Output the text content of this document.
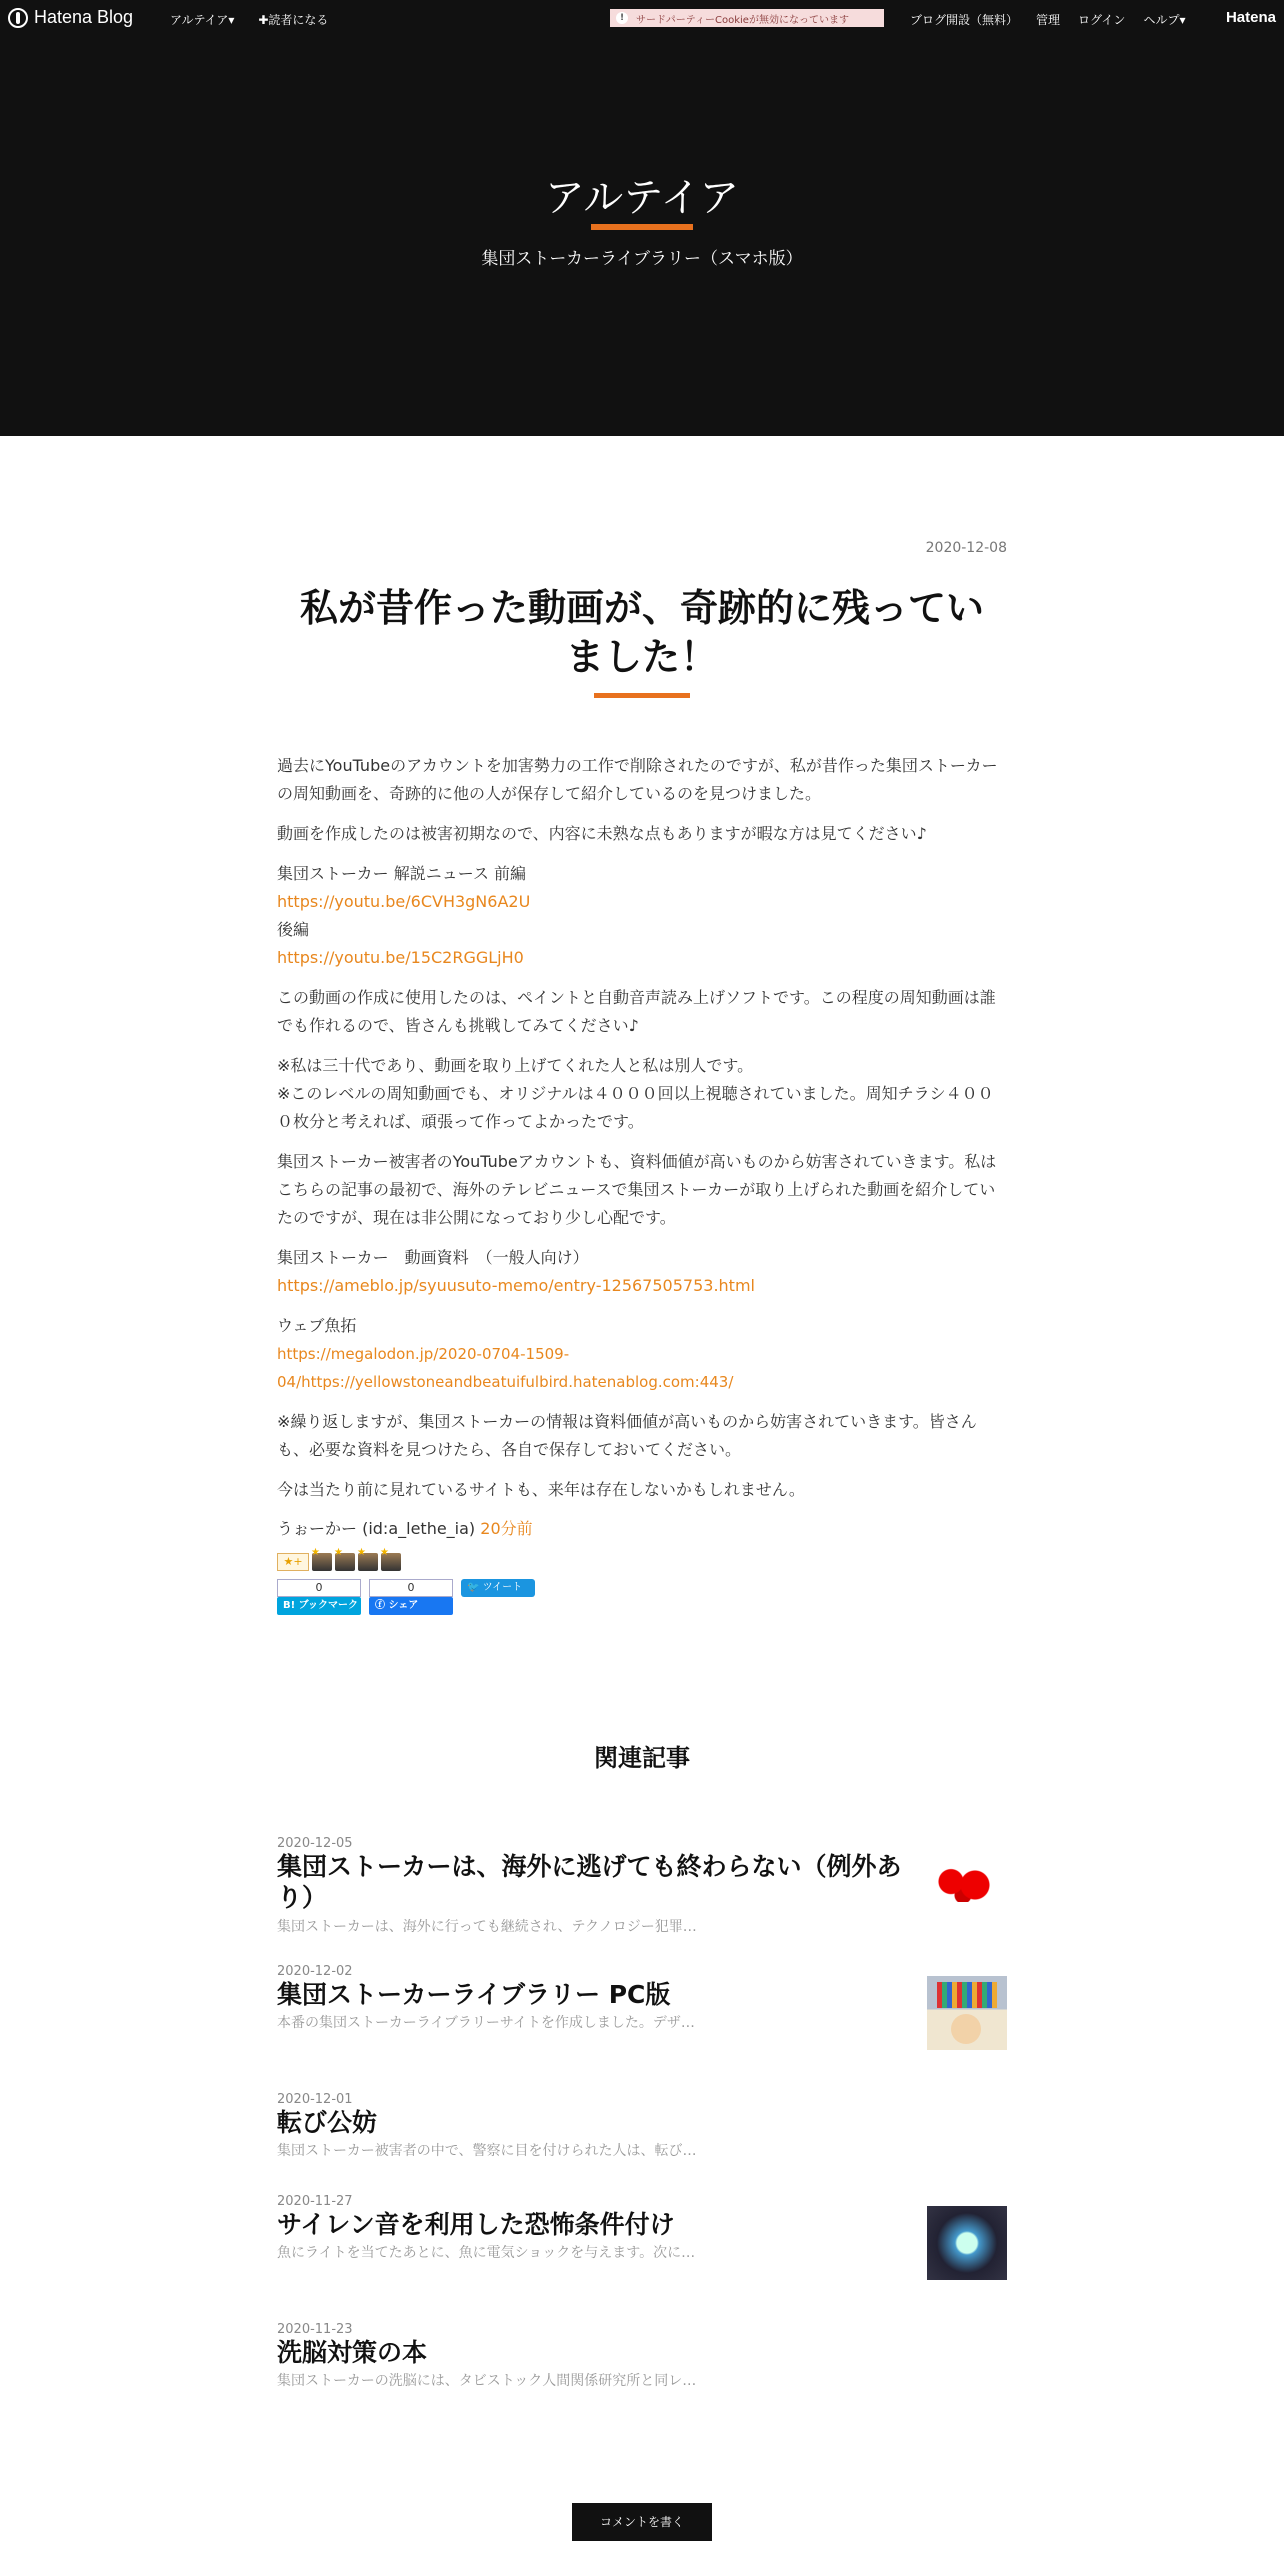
Hatena Blog	アルテイア▾ ✚読者になる	!	サードパーティーCookieが無効になっています	ブログ開設（無料） 管理 ログイン ヘルプ▾	Hatena
アルテイア
集団ストーカーライブラリー（スマホ版）
2020-12-08
私が昔作った動画が、奇跡的に残っていました！

過去にYouTubeのアカウントを加害勢力の工作で削除されたのですが、私が昔作った集団ストーカーの周知動画を、奇跡的に他の人が保存して紹介しているのを見つけました。

動画を作成したのは被害初期なので、内容に未熟な点もありますが暇な方は見てください♪

集団ストーカー 解説ニュース 前編
https://youtu.be/6CVH3gN6A2U
後編
https://youtu.be/15C2RGGLjH0

この動画の作成に使用したのは、ペイントと自動音声読み上げソフトです。この程度の周知動画は誰でも作れるので、皆さんも挑戦してみてください♪

※私は三十代であり、動画を取り上げてくれた人と私は別人です。
※このレベルの周知動画でも、オリジナルは４０００回以上視聴されていました。周知チラシ４０００枚分と考えれば、頑張って作ってよかったです。

集団ストーカー被害者のYouTubeアカウントも、資料価値が高いものから妨害されていきます。私はこちらの記事の最初で、海外のテレビニュースで集団ストーカーが取り上げられた動画を紹介していたのですが、現在は非公開になっており少し心配です。

集団ストーカー　動画資料　（一般人向け）
https://ameblo.jp/syuusuto-memo/entry-12567505753.html

ウェブ魚拓
https://megalodon.jp/2020-0704-1509-04/https://yellowstoneandbeatuifulbird.hatenablog.com:443/

※繰り返しますが、集団ストーカーの情報は資料価値が高いものから妨害されていきます。皆さんも、必要な資料を見つけたら、各自で保存しておいてください。

今は当たり前に見れているサイトも、来年は存在しないかもしれません。

うぉーかー (id:a_lethe_ia) 20分前
★+
★
★
★
★
0
B! ブックマーク
0
ⓕ シェア
🐦 ツイート
関連記事
2020-12-05
集団ストーカーは、海外に逃げても終わらない（例外あり）
集団ストーカーは、海外に行っても継続され、テクノロジー犯罪…
2020-12-02
集団ストーカーライブラリー PC版
本番の集団ストーカーライブラリーサイトを作成しました。デザ…
2020-12-01
転び公妨
集団ストーカー被害者の中で、警察に目を付けられた人は、転び…
2020-11-27
サイレン音を利用した恐怖条件付け
魚にライトを当てたあとに、魚に電気ショックを与えます。次に…
2020-11-23
洗脳対策の本
集団ストーカーの洗脳には、タビストック人間関係研究所と同レ…
コメントを書く
